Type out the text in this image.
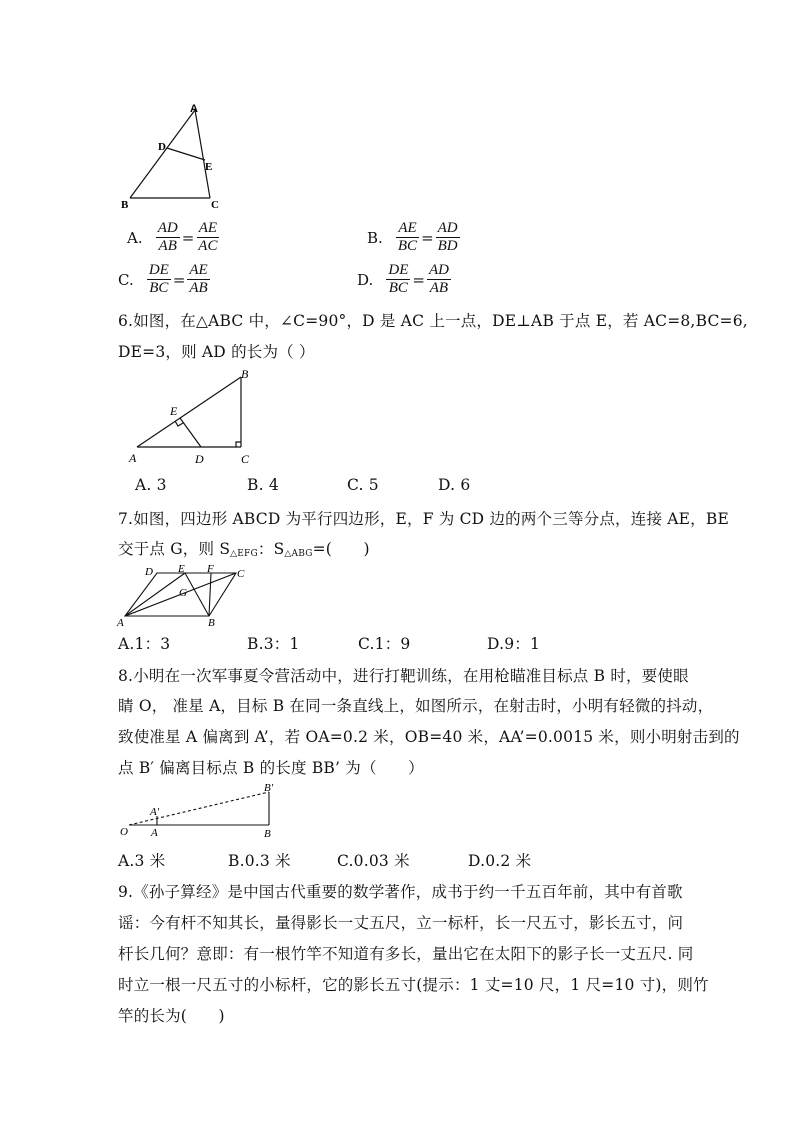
A
D
E
B	C
A. $\frac{AD}{AB} = \frac{AE}{AC}$	B. $\frac{AE}{BC} = \frac{AD}{BD}$
C. $\frac{DE}{BC} = \frac{AE}{AB}$	D. $\frac{DE}{BC} = \frac{AD}{AB}$
6.如图，在△ABC 中，∠C=90°，D 是 AC 上一点，DE⊥AB 于点 E，若 AC=8,BC=6,
DE=3，则 AD 的长为（ ）
B
E
A	D	C
A. 3	B. 4	C. 5	D. 6
7.如图，四边形 ABCD 为平行四边形，E，F 为 CD 边的两个三等分点，连接 AE，BE
交于点 G，则 $S_{\triangle EFG}$：$S_{\triangle ABG}=$(　　)
D E F C
G
A	B
A.1：3	B.3：1	C.1：9	D.9：1
8.小明在一次军事夏令营活动中，进行打靶训练，在用枪瞄准目标点 B 时，要使眼
睛 O， 准星 A，目标 B 在同一条直线上，如图所示，在射击时，小明有轻微的抖动，
致使准星 A 偏离到 A’，若 OA=0.2 米，OB=40 米，AA’=0.0015 米，则小明射击到的
点 B′ 偏离目标点 B 的长度 BB’ 为（　　）
O A
A′
B
B′
A.3 米	B.0.3 米	C.0.03 米	D.0.2 米
9.《孙子算经》是中国古代重要的数学著作，成书于约一千五百年前，其中有首歌
谣：今有杆不知其长，量得影长一丈五尺，立一标杆，长一尺五寸，影长五寸，问
杆长几何？意即：有一根竹竿不知道有多长，量出它在太阳下的影子长一丈五尺. 同
时立一根一尺五寸的小标杆，它的影长五寸(提示：1 丈=10 尺，1 尺=10 寸)，则竹
竿的长为(　　)
